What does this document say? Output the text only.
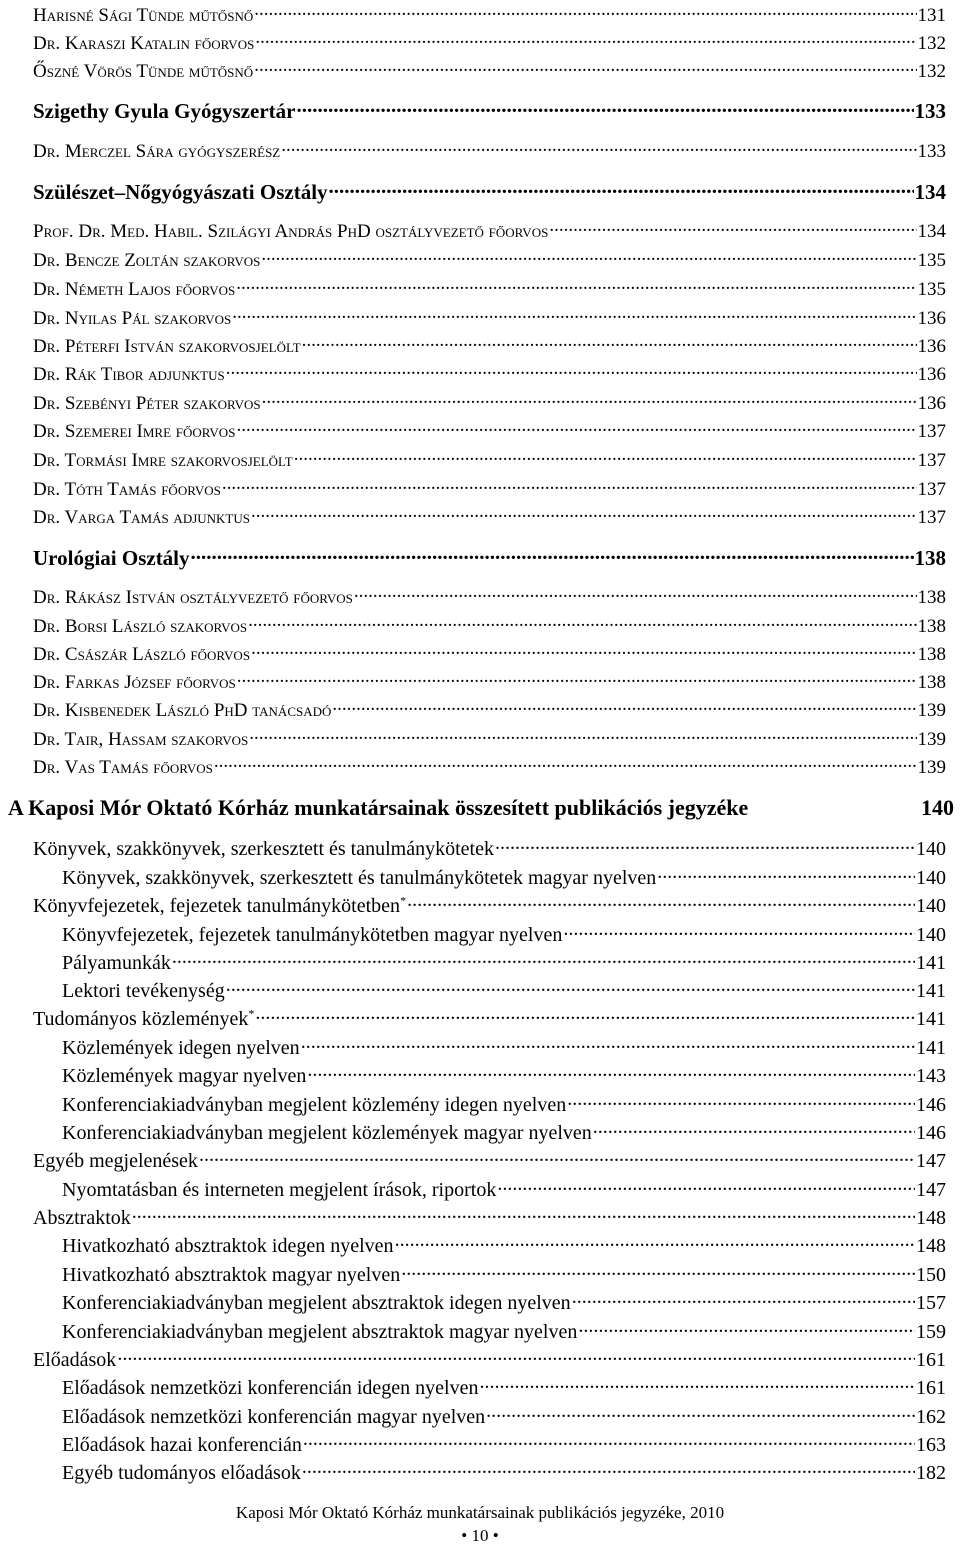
Harisné Sági Tünde műtősnő .....	131
Dr. Karaszi Katalin főorvos .....	132
Őszné Vörös Tünde műtősnő .....	132
Szigethy Gyula Gyógyszertár .....	133
Dr. Merczel Sára gyógyszerész .....	133
Szülészet–Nőgyógyászati Osztály .....	134
Prof. Dr. Med. Habil. Szilágyi András PhD osztályvezető főorvos .....	134
Dr. Bencze Zoltán szakorvos .....	135
Dr. Németh Lajos főorvos .....	135
Dr. Nyilas Pál szakorvos .....	136
Dr. Péterfi István szakorvosjelölt .....	136
Dr. Rák Tibor adjunktus .....	136
Dr. Szebényi Péter szakorvos .....	136
Dr. Szemerei Imre főorvos .....	137
Dr. Tormási Imre szakorvosjelölt .....	137
Dr. Tóth Tamás főorvos .....	137
Dr. Varga Tamás adjunktus .....	137
Urológiai Osztály .....	138
Dr. Rákász István osztályvezető főorvos .....	138
Dr. Borsi László szakorvos .....	138
Dr. Császár László főorvos .....	138
Dr. Farkas József főorvos .....	138
Dr. Kisbenedek László PhD tanácsadó .....	139
Dr. Tair, Hassam szakorvos .....	139
Dr. Vas Tamás főorvos .....	139
A Kaposi Mór Oktató Kórház munkatársainak összesített publikációs jegyzéke	140
Könyvek, szakkönyvek, szerkesztett és tanulmánykötetek .....	140
Könyvek, szakkönyvek, szerkesztett és tanulmánykötetek magyar nyelven .....	140
Könyvfejezetek, fejezetek tanulmánykötetben* .....	140
Könyvfejezetek, fejezetek tanulmánykötetben magyar nyelven .....	140
Pályamunkák .....	141
Lektori tevékenység .....	141
Tudományos közlemények* .....	141
Közlemények idegen nyelven .....	141
Közlemények magyar nyelven .....	143
Konferenciakiadványban megjelent közlemény idegen nyelven .....	146
Konferenciakiadványban megjelent közlemények magyar nyelven .....	146
Egyéb megjelenések .....	147
Nyomtatásban és interneten megjelent írások, riportok .....	147
Absztraktok .....	148
Hivatkozható absztraktok idegen nyelven .....	148
Hivatkozható absztraktok magyar nyelven .....	150
Konferenciakiadványban megjelent absztraktok idegen nyelven .....	157
Konferenciakiadványban megjelent absztraktok magyar nyelven .....	159
Előadások .....	161
Előadások nemzetközi konferencián idegen nyelven .....	161
Előadások nemzetközi konferencián magyar nyelven .....	162
Előadások hazai konferencián .....	163
Egyéb tudományos előadások .....	182
Kaposi Mór Oktató Kórház munkatársainak publikációs jegyzéke, 2010
• 10 •
